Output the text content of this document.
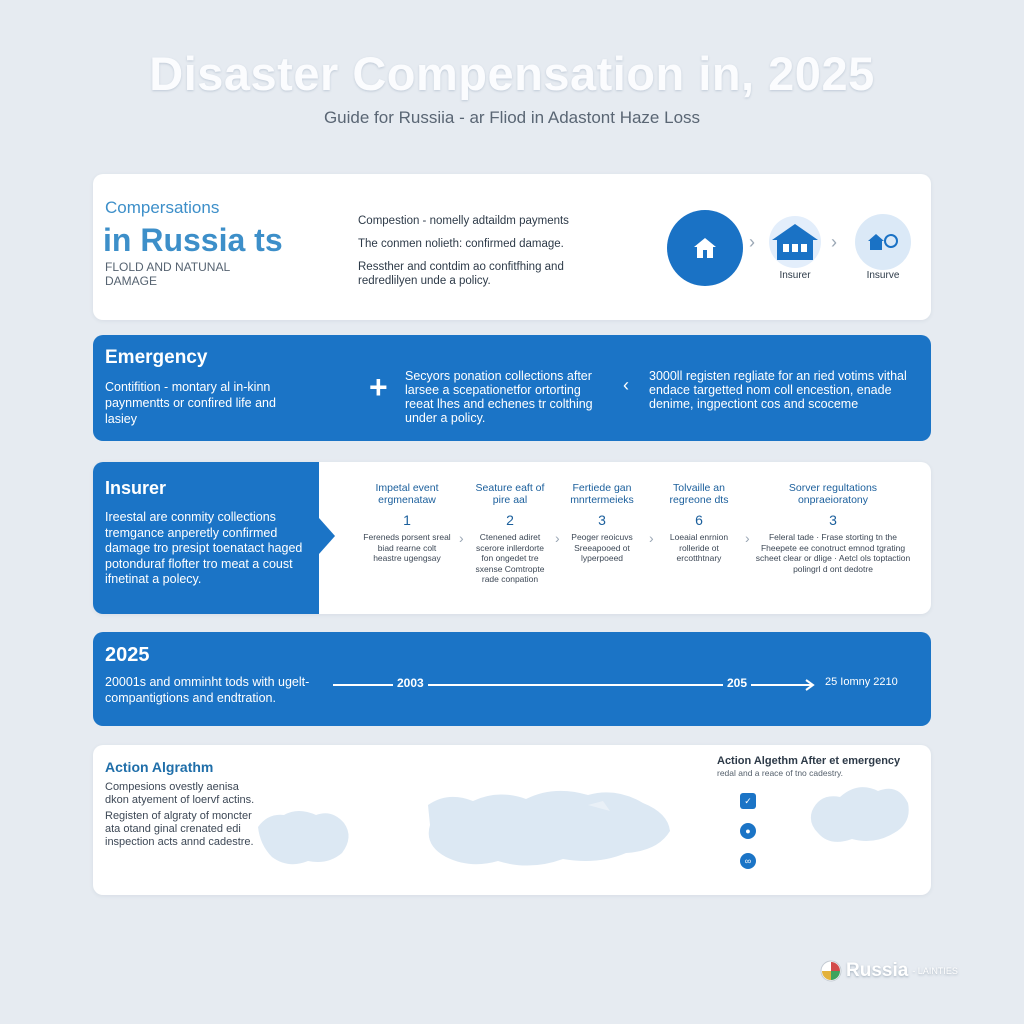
Disaster Compensation in, 2025
Guide for Russiia - ar Fliod in Adastont Haze Loss
Compersations
in Russia ts
FLOLD AND NATUNAL DAMAGE
Compestion - nomelly adtaildm payments
The conmen nolieth: confirmed damage.
Ressther and contdim ao confitfhing and redredlilyen unde a policy.
›
Insurer
›
Insurve
Emergency
Contifition - montary al in-kinn paynmentts or confired life and lasiey
+ Secyors ponation collections after larsee a scepationetfor ortorting reeat lhes and echenes tr colthing under a policy.
‹ 3000ll registen regliate for an ried votims vithal endace targetted nom coll encestion, enade denime, ingpectiont cos and scoceme
Insurer
Ireestal are conmity collections tremgance anperetly confirmed damage tro presipt toenatact haged potonduraf flofter tro meat a coust ifnetinat a polecy.
Impetal event ergmenataw
1
Fereneds porsent sreal biad rearne colt heastre ugengsay
›
Seature eaft of pire aal
2
Ctenened adiret scerore inllerdorte fon ongedet tre sxense Comtropte rade conpation
›
Fertiede gan mnrtermeieks
3
Peoger reoicuvs Sreeapooed ot lyperpoeed
›
Tolvaille an regreone dts
6
Loeaial enrnion rolleride ot ercotthtnary
›
Sorver regultations onpraeioratony
3
Feleral tade · Frase storting tn the Fheepete ee conotruct emnod tgrating scheet clear or dlige · Aetcl ols toptaction polingrl d ont dedotre
2025
20001s and omminht tods with ugelt- compantigtions and endtration.
2003	205	25 Iomny 2210
Action Algrathm
Compesions ovestly aenisa dkon atyement of loervf actins.
Registen of algraty of moncter ata otand ginal crenated edi inspection acts annd cadestre.
Action Algethm After et emergency
redal and a reace of tno cadestry.
✓
●
∞
Russia - LAINTIES
